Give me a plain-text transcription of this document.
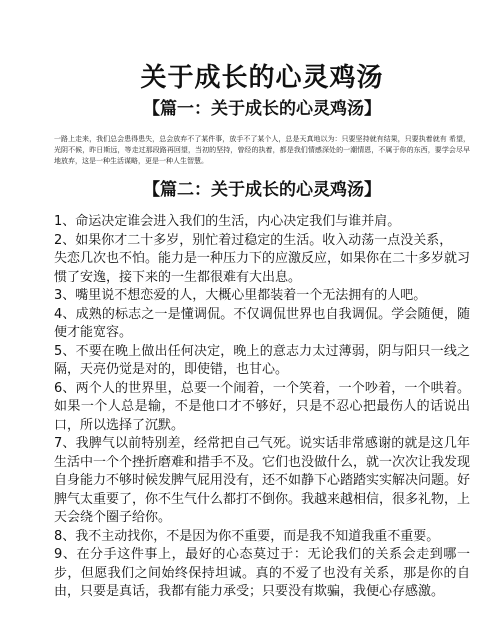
关于成长的心灵鸡汤
【篇一：关于成长的心灵鸡汤】

一路上走来，我们总会患得患失，总会放弃不了某件事，放手不了某个人，总是天真地以为：只要坚持就有结果，只要执着就有 希望，光阴不候，昨日斯远，等走过那段路再回望，当初的坚持，曾经的执着，都是我们情感深处的一潮情恩，不属于你的东西，要学会尽早地放弃，这是一种生活谋略，更是一种人生智慧。

【篇二：关于成长的心灵鸡汤】
1、命运决定谁会进入我们的生活，内心决定我们与谁并肩。
2、如果你才二十多岁，别忙着过稳定的生活。收入动荡一点没关系，
失恋几次也不怕。能力是一种压力下的应激反应，如果你在二十多岁就习惯了安逸，接下来的一生都很难有大出息。
3、嘴里说不想恋爱的人，大概心里都装着一个无法拥有的人吧。
4、成熟的标志之一是懂调侃。不仅调侃世界也自我调侃。学会随便，随便才能宽容。
5、不要在晚上做出任何决定，晚上的意志力太过薄弱，阴与阳只一线之隔，天亮仍觉是对的，即使错，也甘心。
6、两个人的世界里，总要一个闹着，一个笑着，一个吵着，一个哄着。如果一个人总是输，不是他口才不够好，只是不忍心把最伤人的话说出口，所以选择了沉默。
7、我脾气以前特别差，经常把自己气死。说实话非常感谢的就是这几年生活中一个个挫折磨难和措手不及。它们也没做什么，就一次次让我发现自身能力不够时候发脾气屁用没有，还不如静下心踏踏实实解决问题。好脾气太重要了，你不生气什么都打不倒你。我越来越相信，很多礼物，上天会绕个圈子给你。
8、我不主动找你，不是因为你不重要，而是我不知道我重不重要。
9、在分手这件事上，最好的心态莫过于：无论我们的关系会走到哪一步，但愿我们之间始终保持坦诚。真的不爱了也没有关系，那是你的自由，只要是真话，我都有能力承受；只要没有欺骗，我便心存感激。
